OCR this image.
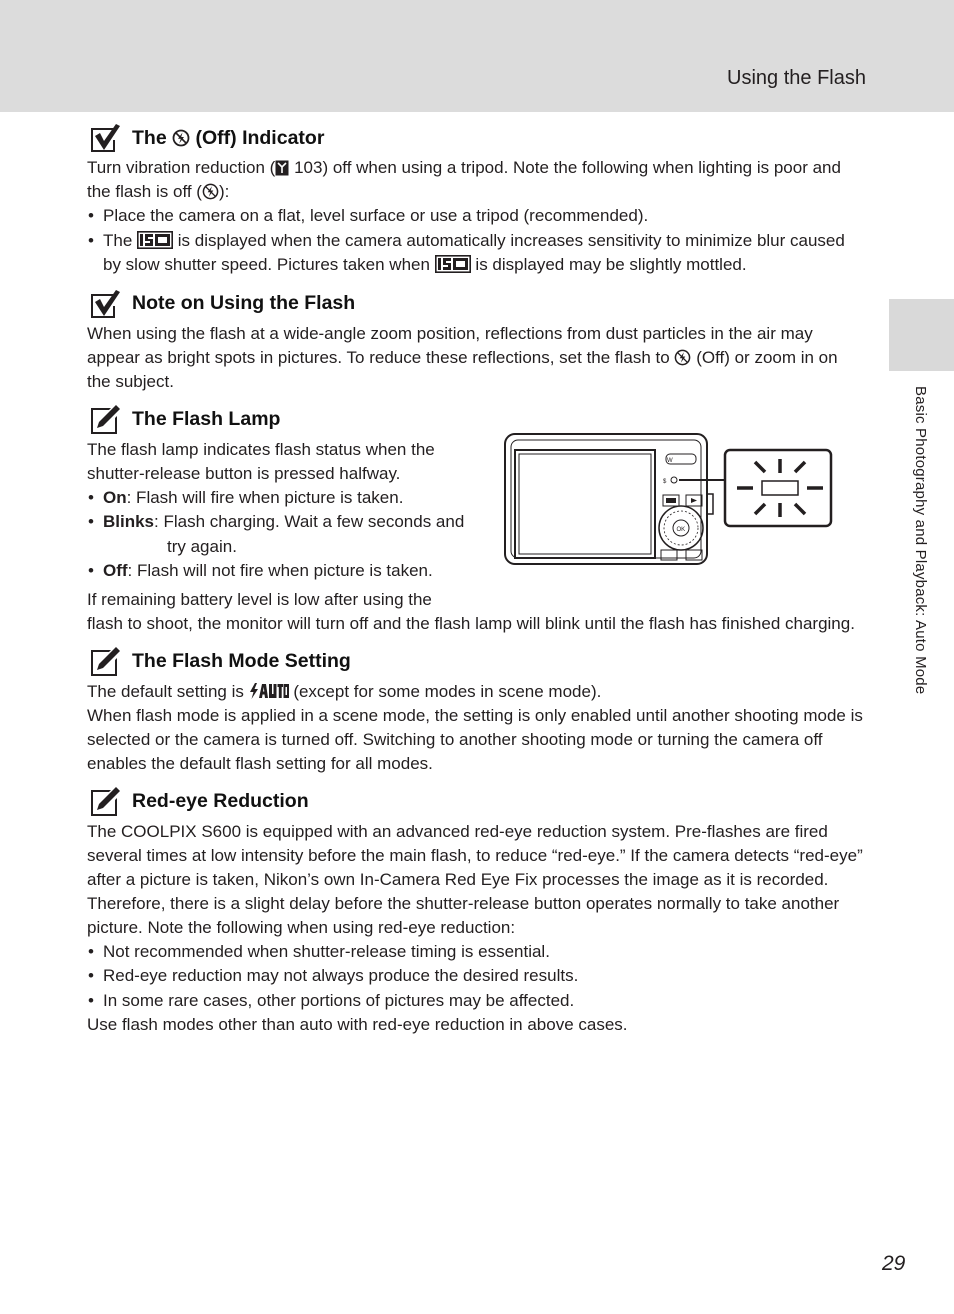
Using the Flash
Basic Photography and Playback: Auto Mode
The  (Off) Indicator

Turn vibration reduction ( 103) off when using a tripod. Note the following when lighting is poor and the flash is off ( ):

• Place the camera on a flat, level surface or use a tripod (recommended).
• The  is displayed when the camera automatically increases sensitivity to minimize blur caused by slow shutter speed. Pictures taken when  is displayed may be slightly mottled.
Note on Using the Flash

When using the flash at a wide-angle zoom position, reflections from dust particles in the air may appear as bright spots in pictures. To reduce these reflections, set the flash to  (Off) or zoom in on the subject.

The Flash Lamp

The flash lamp indicates flash status when the shutter-release button is pressed halfway.

• On: Flash will fire when picture is taken.
• Blinks: Flash charging. Wait a few seconds and
try again.
• Off: Flash will not fire when picture is taken.

If remaining battery level is low after using the
flash to shoot, the monitor will turn off and the flash lamp will blink until the flash has finished charging.

W
$
OK
The Flash Mode Setting

The default setting is  (except for some modes in scene mode).

When flash mode is applied in a scene mode, the setting is only enabled until another shooting mode is selected or the camera is turned off. Switching to another shooting mode or turning the camera off enables the default flash setting for all modes.

Red-eye Reduction

The COOLPIX S600 is equipped with an advanced red-eye reduction system. Pre-flashes are fired several times at low intensity before the main flash, to reduce “red-eye.” If the camera detects “red-eye” after a picture is taken, Nikon’s own In-Camera Red Eye Fix processes the image as it is recorded. Therefore, there is a slight delay before the shutter-release button operates normally to take another picture. Note the following when using red-eye reduction:

• Not recommended when shutter-release timing is essential.
• Red-eye reduction may not always produce the desired results.
• In some rare cases, other portions of pictures may be affected.

Use flash modes other than auto with red-eye reduction in above cases.

29
